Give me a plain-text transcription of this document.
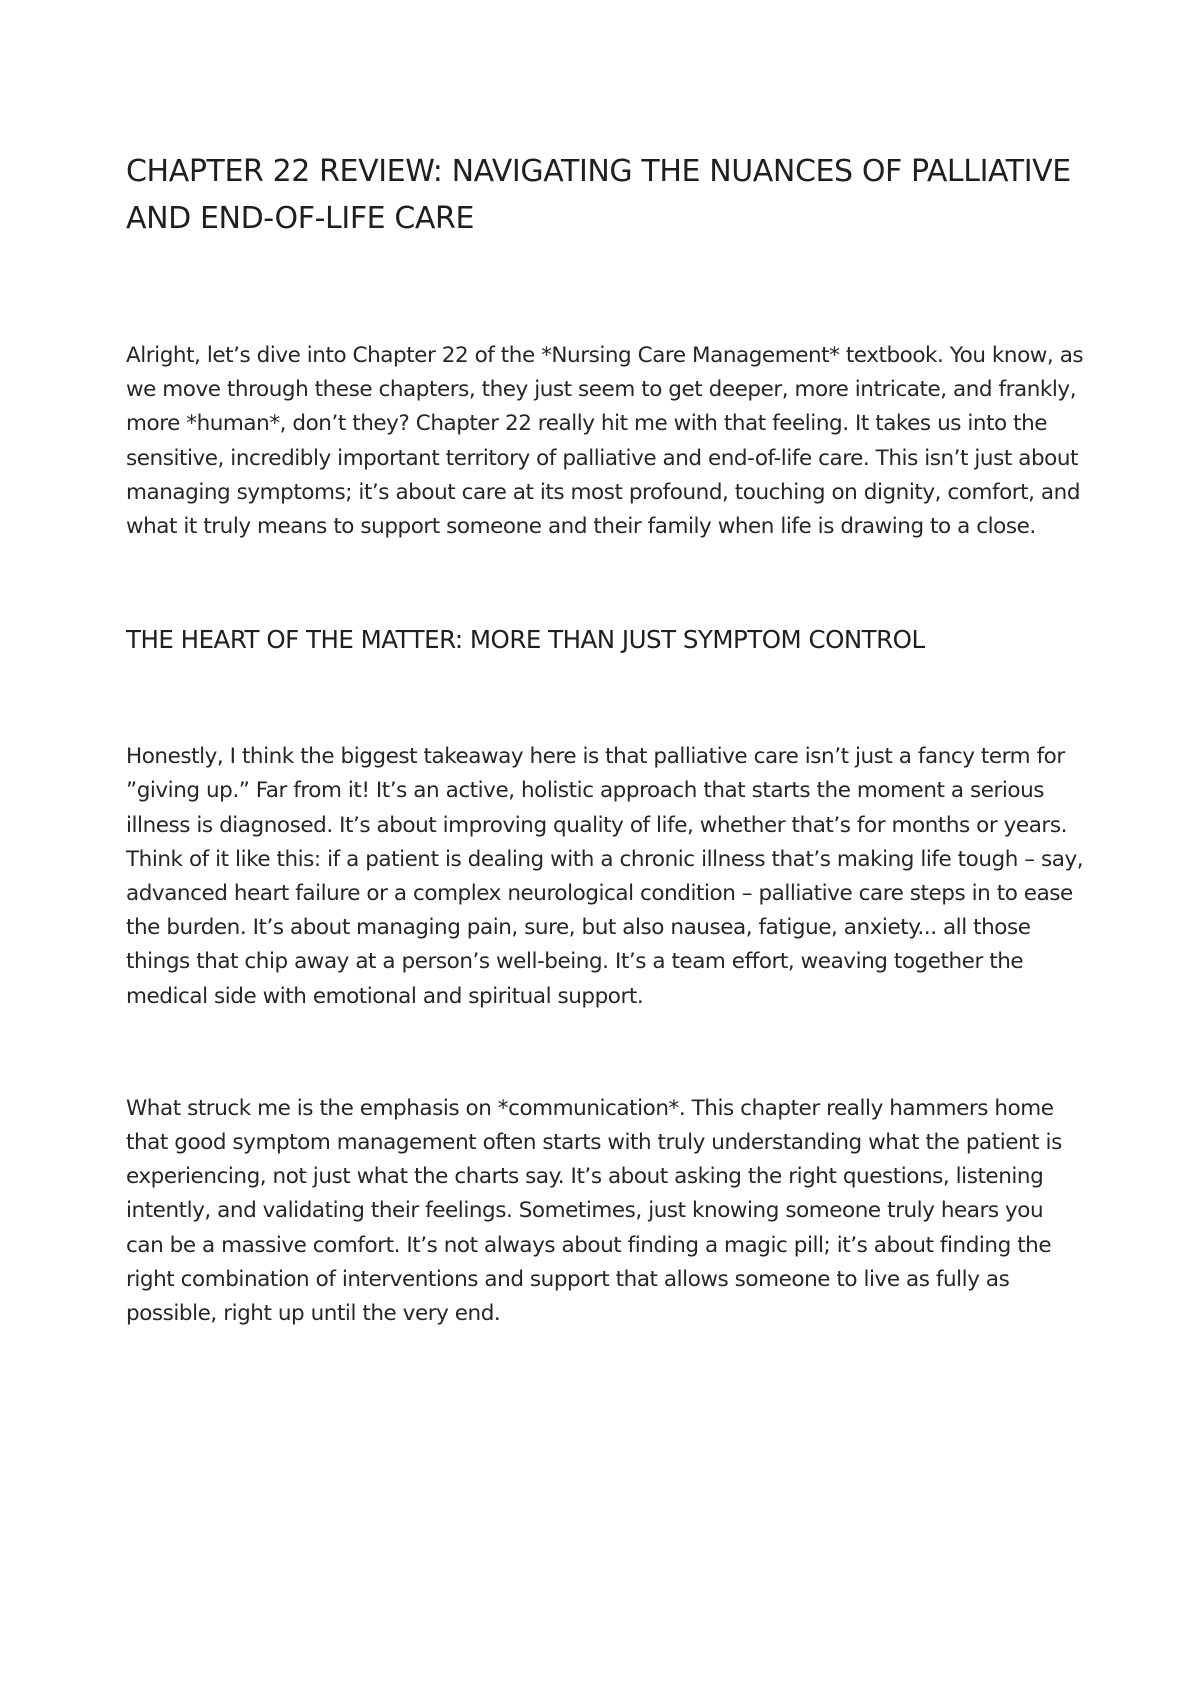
CHAPTER 22 REVIEW: NAVIGATING THE NUANCES OF PALLIATIVE AND END-OF-LIFE CARE

Alright, let’s dive into Chapter 22 of the *Nursing Care Management* textbook. You know, as we move through these chapters, they just seem to get deeper, more intricate, and frankly, more *human*, don’t they? Chapter 22 really hit me with that feeling. It takes us into the sensitive, incredibly important territory of palliative and end-of-life care. This isn’t just about managing symptoms; it’s about care at its most profound, touching on dignity, comfort, and what it truly means to support someone and their family when life is drawing to a close.

THE HEART OF THE MATTER: MORE THAN JUST SYMPTOM CONTROL

Honestly, I think the biggest takeaway here is that palliative care isn’t just a fancy term for ”giving up.” Far from it! It’s an active, holistic approach that starts the moment a serious illness is diagnosed. It’s about improving quality of life, whether that’s for months or years. Think of it like this: if a patient is dealing with a chronic illness that’s making life tough – say, advanced heart failure or a complex neurological condition – palliative care steps in to ease the burden. It’s about managing pain, sure, but also nausea, fatigue, anxiety... all those things that chip away at a person’s well-being. It’s a team effort, weaving together the medical side with emotional and spiritual support.

What struck me is the emphasis on *communication*. This chapter really hammers home that good symptom management often starts with truly understanding what the patient is experiencing, not just what the charts say. It’s about asking the right questions, listening intently, and validating their feelings. Sometimes, just knowing someone truly hears you can be a massive comfort. It’s not always about finding a magic pill; it’s about finding the right combination of interventions and support that allows someone to live as fully as possible, right up until the very end.
